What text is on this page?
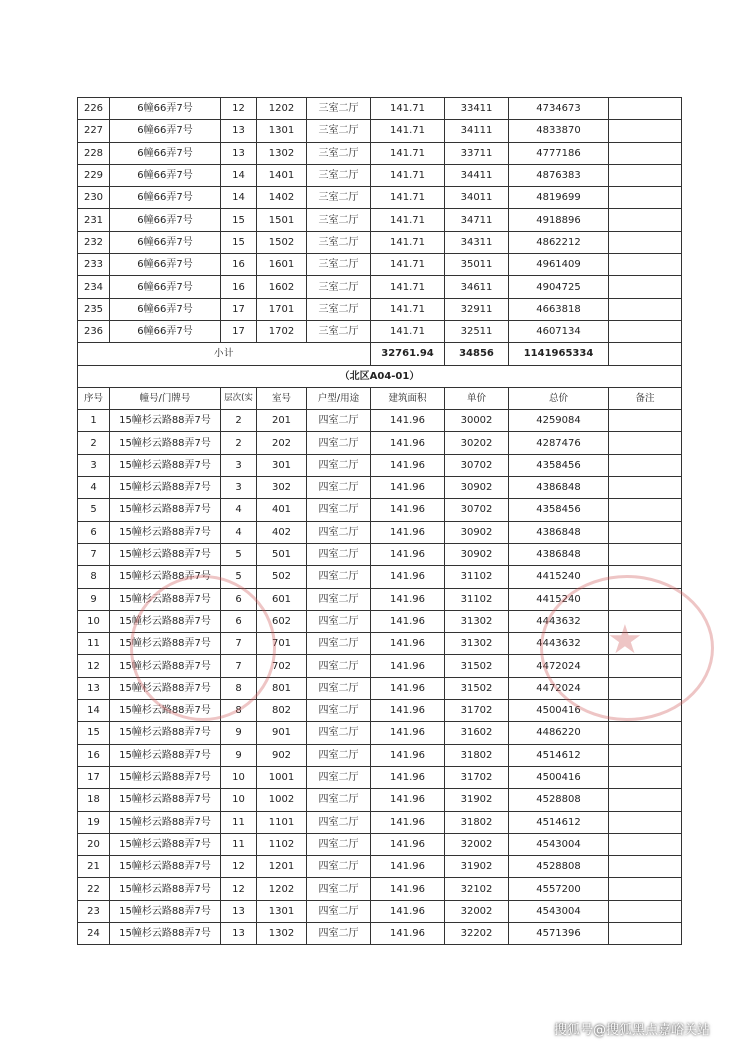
226	6幢66弄7号	12	1202	三室二厅	141.71	33411	4734673	
227	6幢66弄7号	13	1301	三室二厅	141.71	34111	4833870	
228	6幢66弄7号	13	1302	三室二厅	141.71	33711	4777186	
229	6幢66弄7号	14	1401	三室二厅	141.71	34411	4876383	
230	6幢66弄7号	14	1402	三室二厅	141.71	34011	4819699	
231	6幢66弄7号	15	1501	三室二厅	141.71	34711	4918896	
232	6幢66弄7号	15	1502	三室二厅	141.71	34311	4862212	
233	6幢66弄7号	16	1601	三室二厅	141.71	35011	4961409	
234	6幢66弄7号	16	1602	三室二厅	141.71	34611	4904725	
235	6幢66弄7号	17	1701	三室二厅	141.71	32911	4663818	
236	6幢66弄7号	17	1702	三室二厅	141.71	32511	4607134	
小计					32761.94	34856	1141965334	
（北区A04-01）								
序号	幢号/门牌号	层次(实	室号	户型/用途	建筑面积	单价	总价	备注
1	15幢杉云路88弄7号	2	201	四室二厅	141.96	30002	4259084	
2	15幢杉云路88弄7号	2	202	四室二厅	141.96	30202	4287476	
3	15幢杉云路88弄7号	3	301	四室二厅	141.96	30702	4358456	
4	15幢杉云路88弄7号	3	302	四室二厅	141.96	30902	4386848	
5	15幢杉云路88弄7号	4	401	四室二厅	141.96	30702	4358456	
6	15幢杉云路88弄7号	4	402	四室二厅	141.96	30902	4386848	
7	15幢杉云路88弄7号	5	501	四室二厅	141.96	30902	4386848	
8	15幢杉云路88弄7号	5	502	四室二厅	141.96	31102	4415240	
9	15幢杉云路88弄7号	6	601	四室二厅	141.96	31102	4415240	
10	15幢杉云路88弄7号	6	602	四室二厅	141.96	31302	4443632	
11	15幢杉云路88弄7号	7	701	四室二厅	141.96	31302	4443632	
12	15幢杉云路88弄7号	7	702	四室二厅	141.96	31502	4472024	
13	15幢杉云路88弄7号	8	801	四室二厅	141.96	31502	4472024	
14	15幢杉云路88弄7号	8	802	四室二厅	141.96	31702	4500416	
15	15幢杉云路88弄7号	9	901	四室二厅	141.96	31602	4486220	
16	15幢杉云路88弄7号	9	902	四室二厅	141.96	31802	4514612	
17	15幢杉云路88弄7号	10	1001	四室二厅	141.96	31702	4500416	
18	15幢杉云路88弄7号	10	1002	四室二厅	141.96	31902	4528808	
19	15幢杉云路88弄7号	11	1101	四室二厅	141.96	31802	4514612	
20	15幢杉云路88弄7号	11	1102	四室二厅	141.96	32002	4543004	
21	15幢杉云路88弄7号	12	1201	四室二厅	141.96	31902	4528808	
22	15幢杉云路88弄7号	12	1202	四室二厅	141.96	32102	4557200	
23	15幢杉云路88弄7号	13	1301	四室二厅	141.96	32002	4543004	
24	15幢杉云路88弄7号	13	1302	四室二厅	141.96	32202	4571396	
★
搜狐号@搜狐黑点嘉峪关站
